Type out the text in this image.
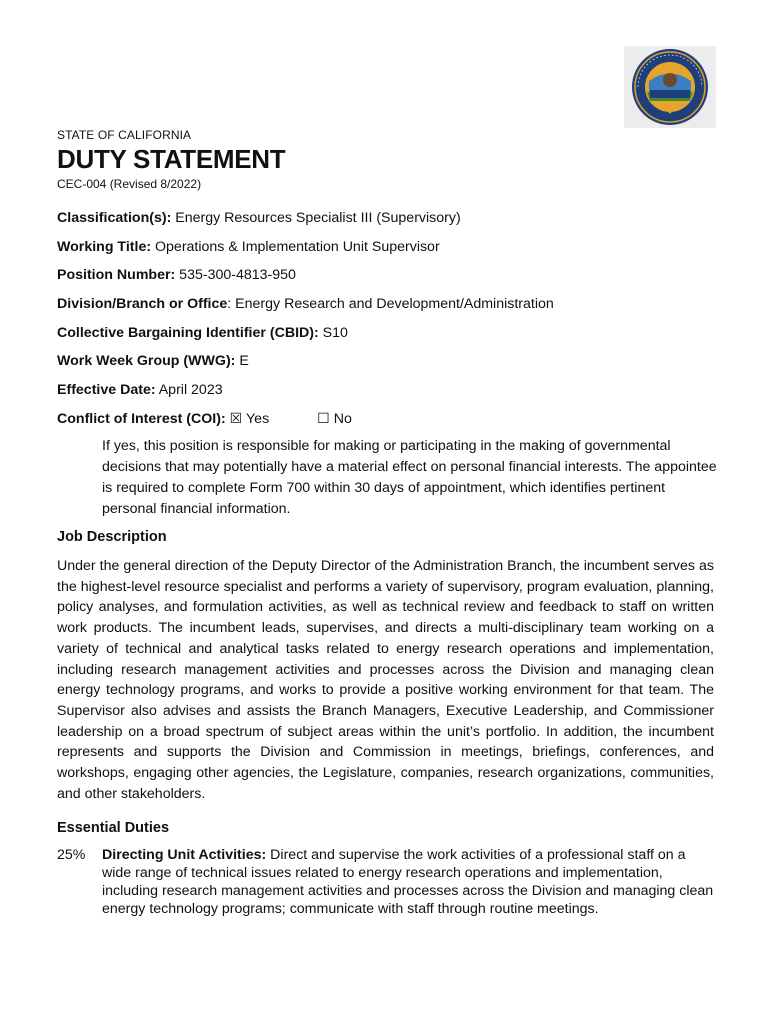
STATE OF CALIFORNIA
DUTY STATEMENT
CEC-004 (Revised 8/2022)
Classification(s): Energy Resources Specialist III (Supervisory)
Working Title: Operations & Implementation Unit Supervisor
Position Number: 535-300-4813-950
Division/Branch or Office: Energy Research and Development/Administration
Collective Bargaining Identifier (CBID): S10
Work Week Group (WWG): E
Effective Date: April 2023
Conflict of Interest (COI): ☒ Yes	☐ No
If yes, this position is responsible for making or participating in the making of governmental decisions that may potentially have a material effect on personal financial interests. The appointee is required to complete Form 700 within 30 days of appointment, which identifies pertinent personal financial information.
Job Description
Under the general direction of the Deputy Director of the Administration Branch, the incumbent serves as the highest-level resource specialist and performs a variety of supervisory, program evaluation, planning, policy analyses, and formulation activities, as well as technical review and feedback to staff on written work products. The incumbent leads, supervises, and directs a multi-disciplinary team working on a variety of technical and analytical tasks related to energy research operations and implementation, including research management activities and processes across the Division and managing clean energy technology programs, and works to provide a positive working environment for that team. The Supervisor also advises and assists the Branch Managers, Executive Leadership, and Commissioner leadership on a broad spectrum of subject areas within the unit’s portfolio. In addition, the incumbent represents and supports the Division and Commission in meetings, briefings, conferences, and workshops, engaging other agencies, the Legislature, companies, research organizations, communities, and other stakeholders.
Essential Duties
25% Directing Unit Activities: Direct and supervise the work activities of a professional staff on a wide range of technical issues related to energy research operations and implementation, including research management activities and processes across the Division and managing clean energy technology programs; communicate with staff through routine meetings.
